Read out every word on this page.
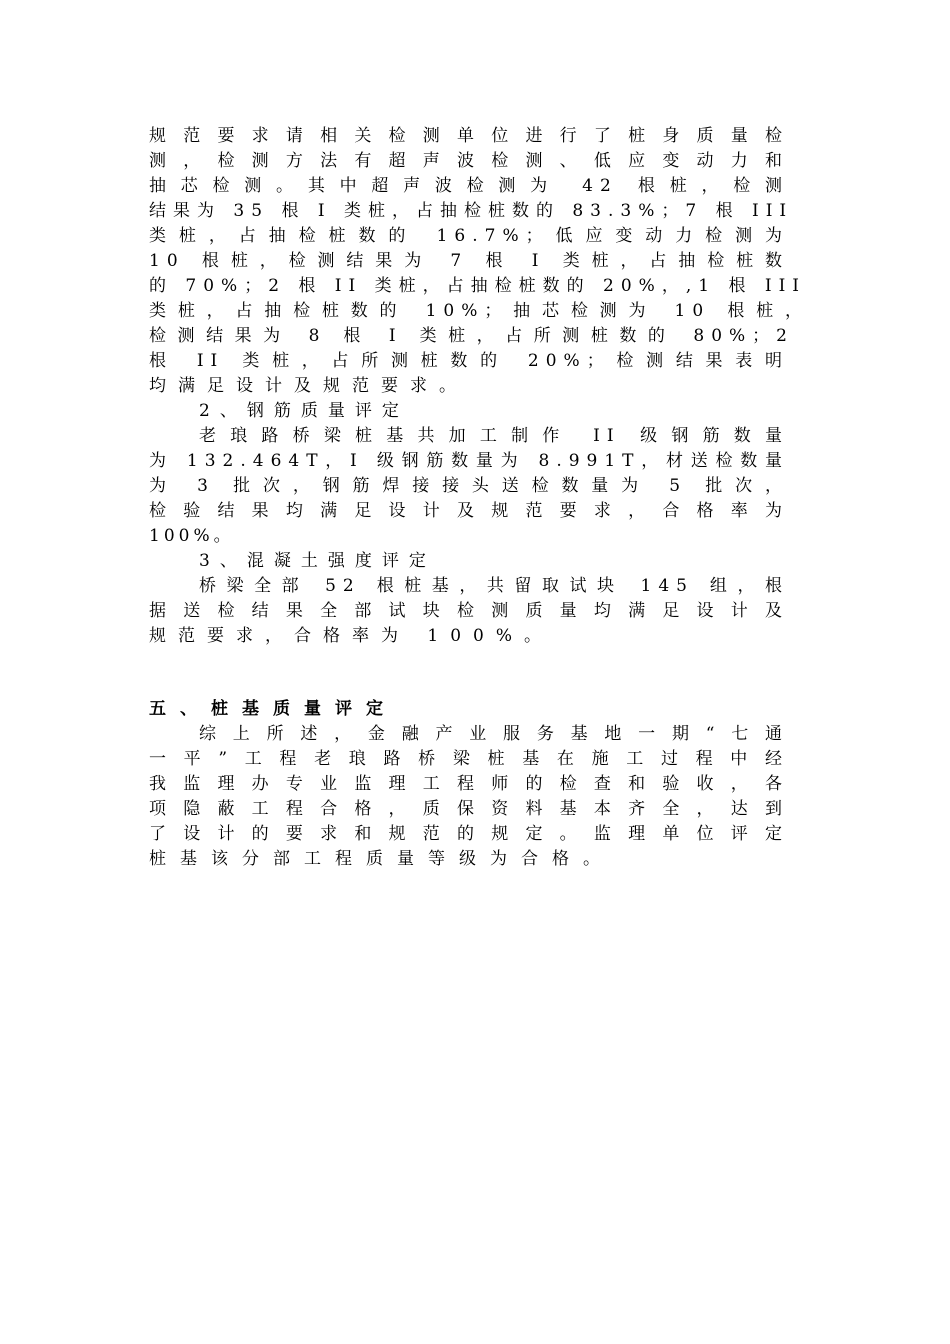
规范要求请相关检测单位进行了桩身质量检
测，检测方法有超声波检测、低应变动力和
抽芯检测。其中超声波检测为 42 根桩，检测
结果为 35 根 I 类桩，占抽检桩数的 83.3%；7 根 III
类桩，占抽检桩数的 16.7%；低应变动力检测为
10 根桩，检测结果为 7 根 I 类桩，占抽检桩数
的 70%；2 根 II 类桩，占抽检桩数的 20%，,1 根 III
类桩，占抽检桩数的 10%；抽芯检测为 10 根桩，
检测结果为 8 根 I 类桩，占所测桩数的 80%；2
根 II 类桩，占所测桩数的 20%；检测结果表明
均满足设计及规范要求。
2、钢筋质量评定
老琅路桥梁桩基共加工制作 II 级钢筋数量
为 132.464T，I 级钢筋数量为 8.991T，材送检数量
为 3 批次，钢筋焊接接头送检数量为 5 批次，
检验结果均满足设计及规范要求，合格率为
100%。
3、混凝土强度评定
桥梁全部 52 根桩基，共留取试块 145 组，根
据送检结果全部试块检测质量均满足设计及
规范要求，合格率为 100%。
五、桩基质量评定
综上所述，金融产业服务基地一期“七通
一平”工程老琅路桥梁桩基在施工过程中经
我监理办专业监理工程师的检查和验收，各
项隐蔽工程合格，质保资料基本齐全，达到
了设计的要求和规范的规定。监理单位评定
桩基该分部工程质量等级为合格。
